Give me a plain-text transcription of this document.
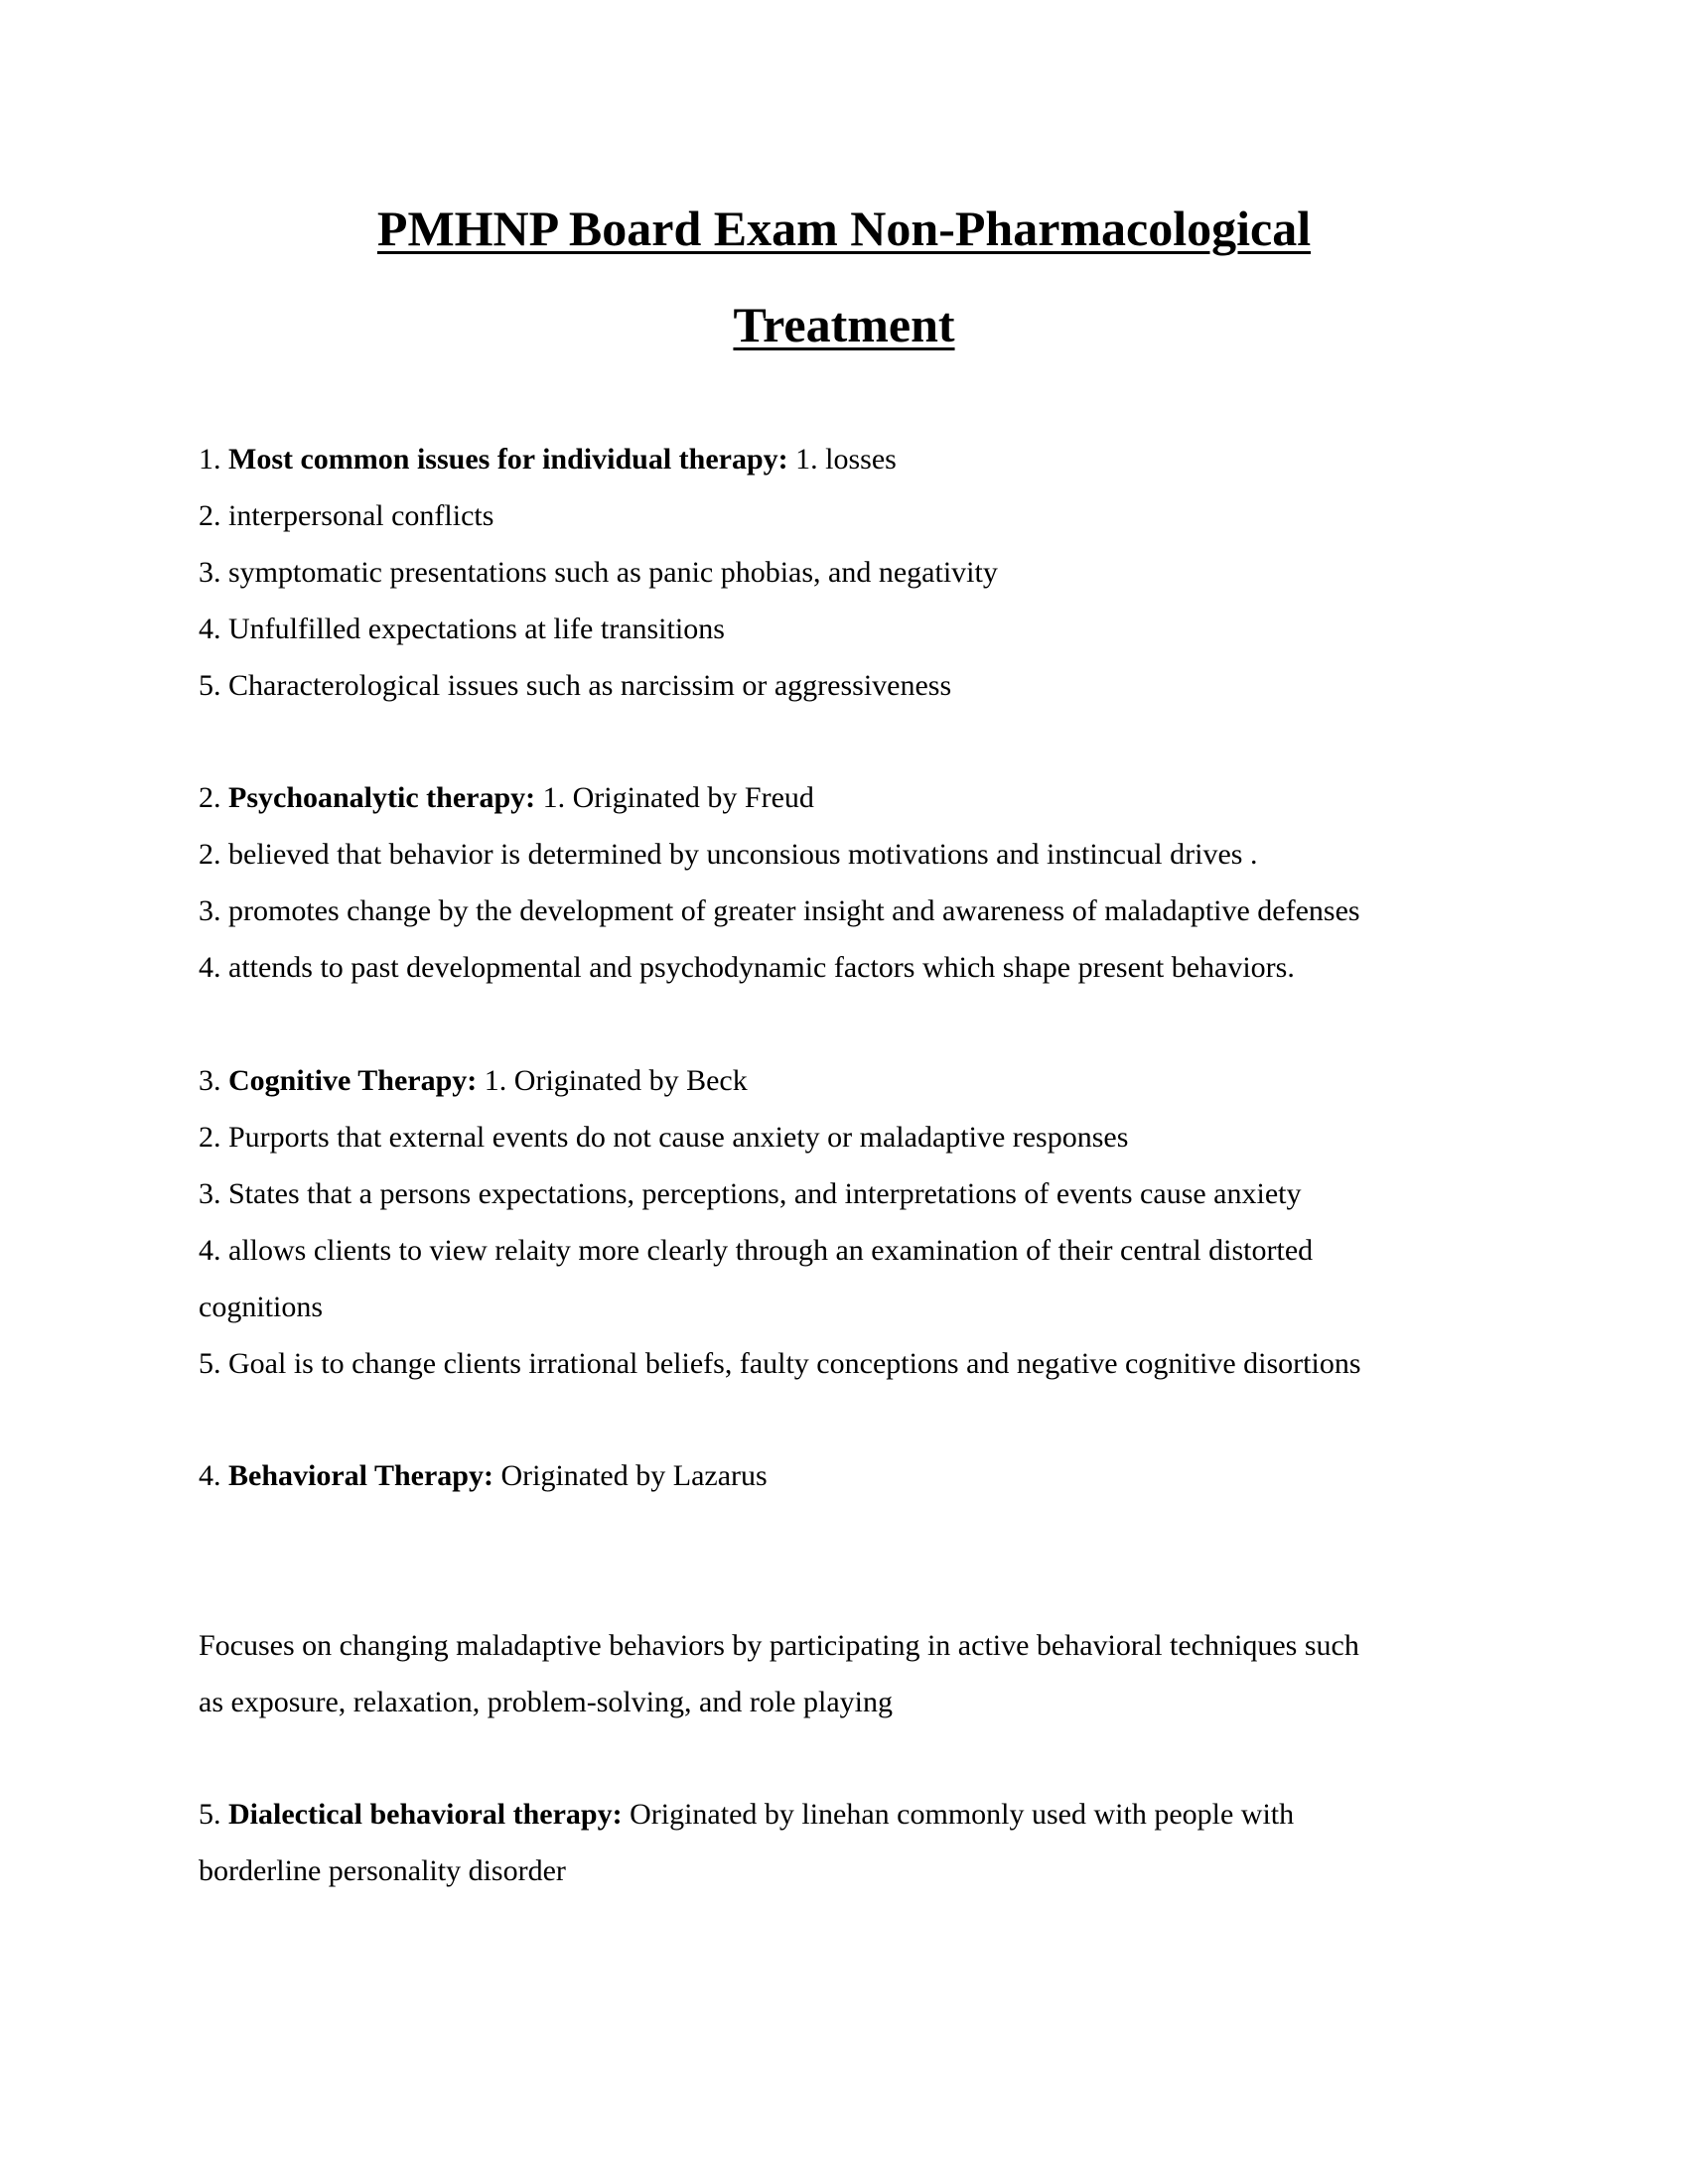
PMHNP Board Exam Non-Pharmacological
Treatment
1. Most common issues for individual therapy: 1. losses
2. interpersonal conflicts
3. symptomatic presentations such as panic phobias, and negativity
4. Unfulfilled expectations at life transitions
5. Characterological issues such as narcissim or aggressiveness
2. Psychoanalytic therapy: 1. Originated by Freud
2. believed that behavior is determined by unconsious motivations and instincual drives .
3. promotes change by the development of greater insight and awareness of maladaptive defenses
4. attends to past developmental and psychodynamic factors which shape present behaviors.
3. Cognitive Therapy: 1. Originated by Beck
2. Purports that external events do not cause anxiety or maladaptive responses
3. States that a persons expectations, perceptions, and interpretations of events cause anxiety
4. allows clients to view relaity more clearly through an examination of their central distorted
cognitions
5. Goal is to change clients irrational beliefs, faulty conceptions and negative cognitive disortions
4. Behavioral Therapy: Originated by Lazarus
Focuses on changing maladaptive behaviors by participating in active behavioral techniques such
as exposure, relaxation, problem-solving, and role playing
5. Dialectical behavioral therapy: Originated by linehan commonly used with people with
borderline personality disorder
